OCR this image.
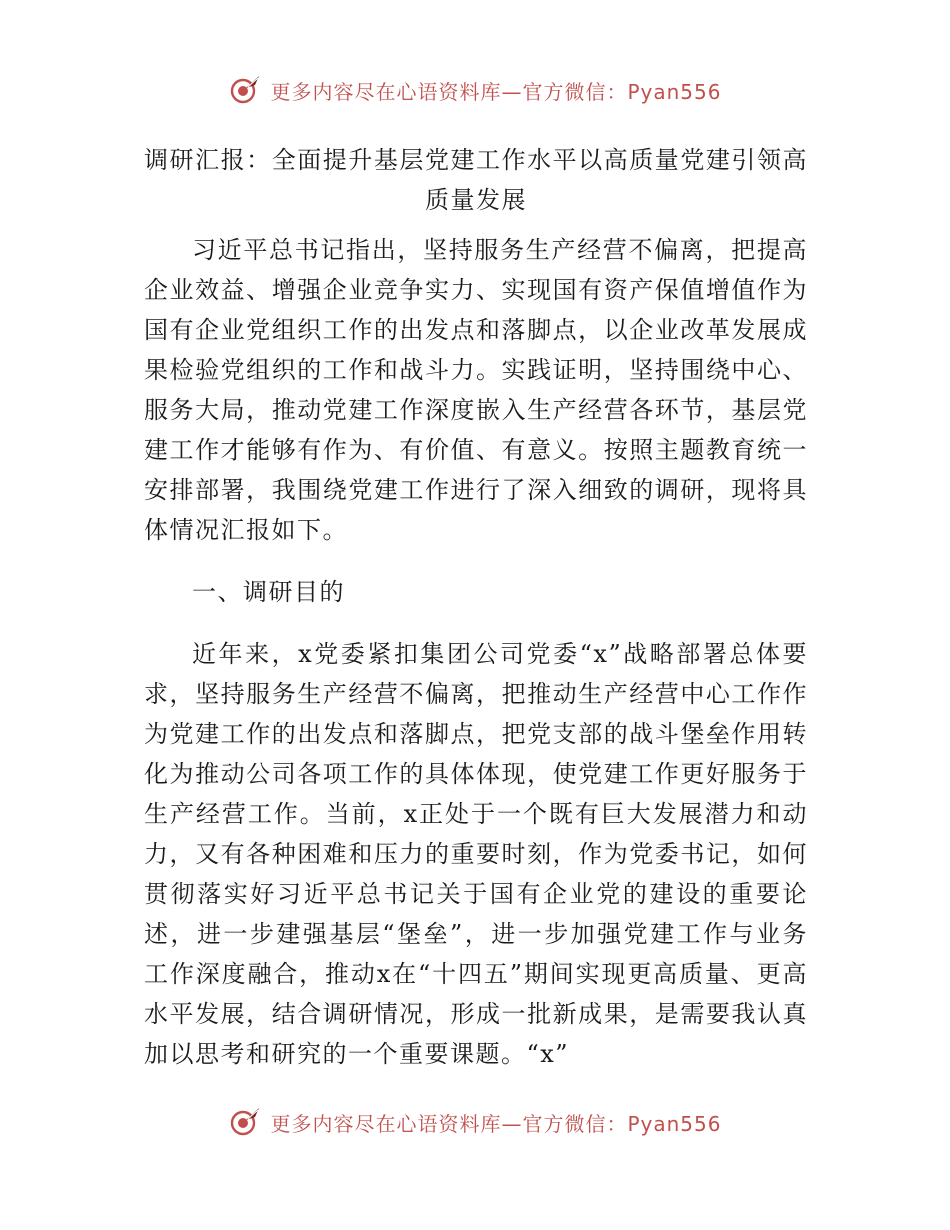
更多内容尽在心语资料库—官方微信：Pyan556
调研汇报：全面提升基层党建工作水平以高质量党建引领高质量发展

习近平总书记指出，坚持服务生产经营不偏离，把提高企业效益、增强企业竞争实力、实现国有资产保值增值作为国有企业党组织工作的出发点和落脚点，以企业改革发展成果检验党组织的工作和战斗力。实践证明，坚持围绕中心、服务大局，推动党建工作深度嵌入生产经营各环节，基层党建工作才能够有作为、有价值、有意义。按照主题教育统一安排部署，我围绕党建工作进行了深入细致的调研，现将具体情况汇报如下。

一、调研目的

近年来，x党委紧扣集团公司党委“x”战略部署总体要求，坚持服务生产经营不偏离，把推动生产经营中心工作作为党建工作的出发点和落脚点，把党支部的战斗堡垒作用转化为推动公司各项工作的具体体现，使党建工作更好服务于生产经营工作。当前，x正处于一个既有巨大发展潜力和动力，又有各种困难和压力的重要时刻，作为党委书记，如何贯彻落实好习近平总书记关于国有企业党的建设的重要论述，进一步建强基层“堡垒”，进一步加强党建工作与业务工作深度融合，推动x在“十四五”期间实现更高质量、更高水平发展，结合调研情况，形成一批新成果，是需要我认真加以思考和研究的一个重要课题。“x”

更多内容尽在心语资料库—官方微信：Pyan556
